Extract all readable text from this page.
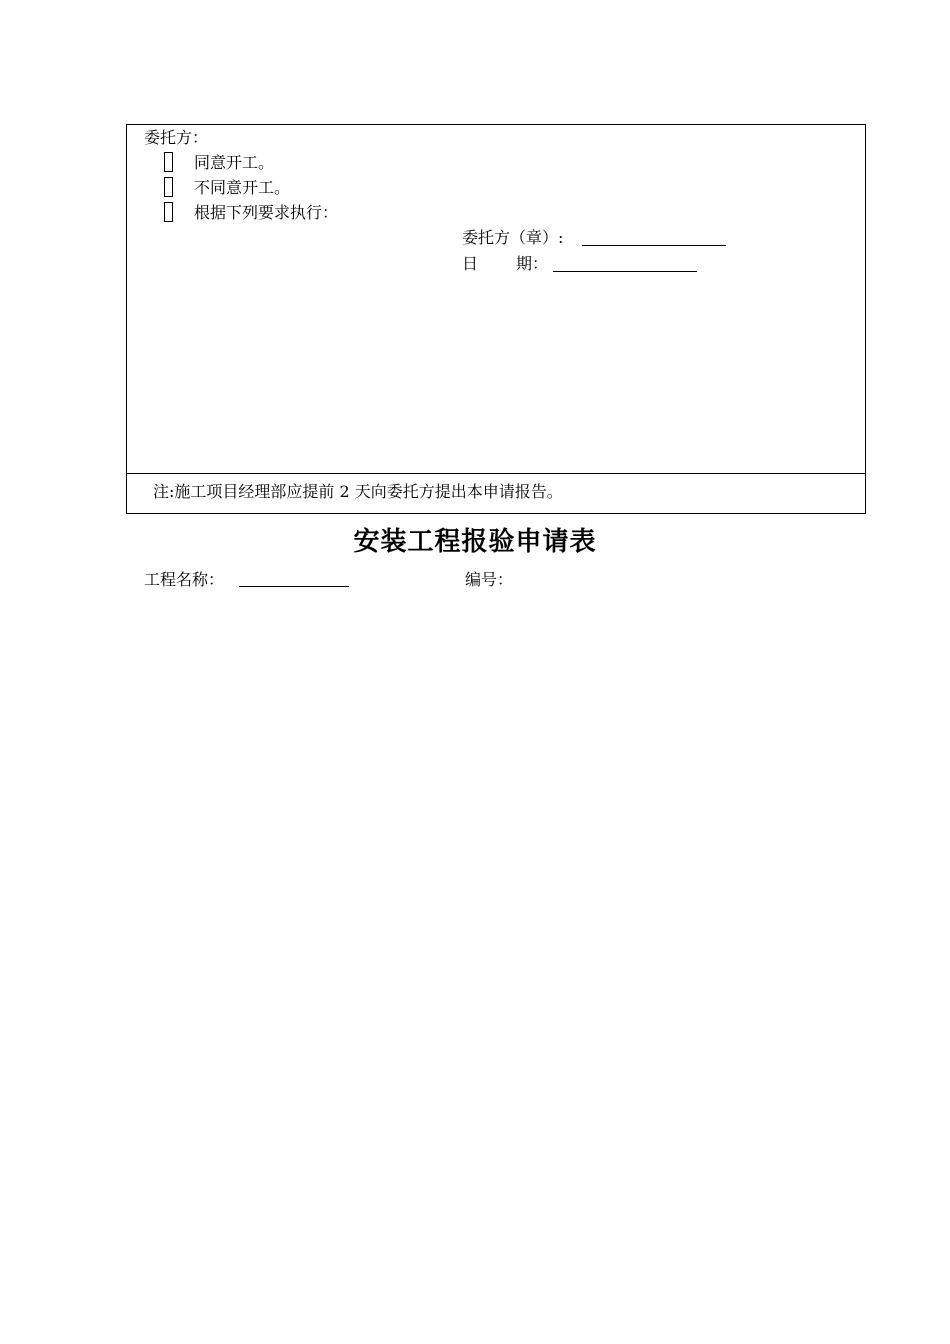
委托方：
同意开工。
不同意开工。
根据下列要求执行：
委托方（章）:
日 期：
注:施工项目经理部应提前 2 天向委托方提出本申请报告。
安装工程报验申请表
工程名称：	编号：
